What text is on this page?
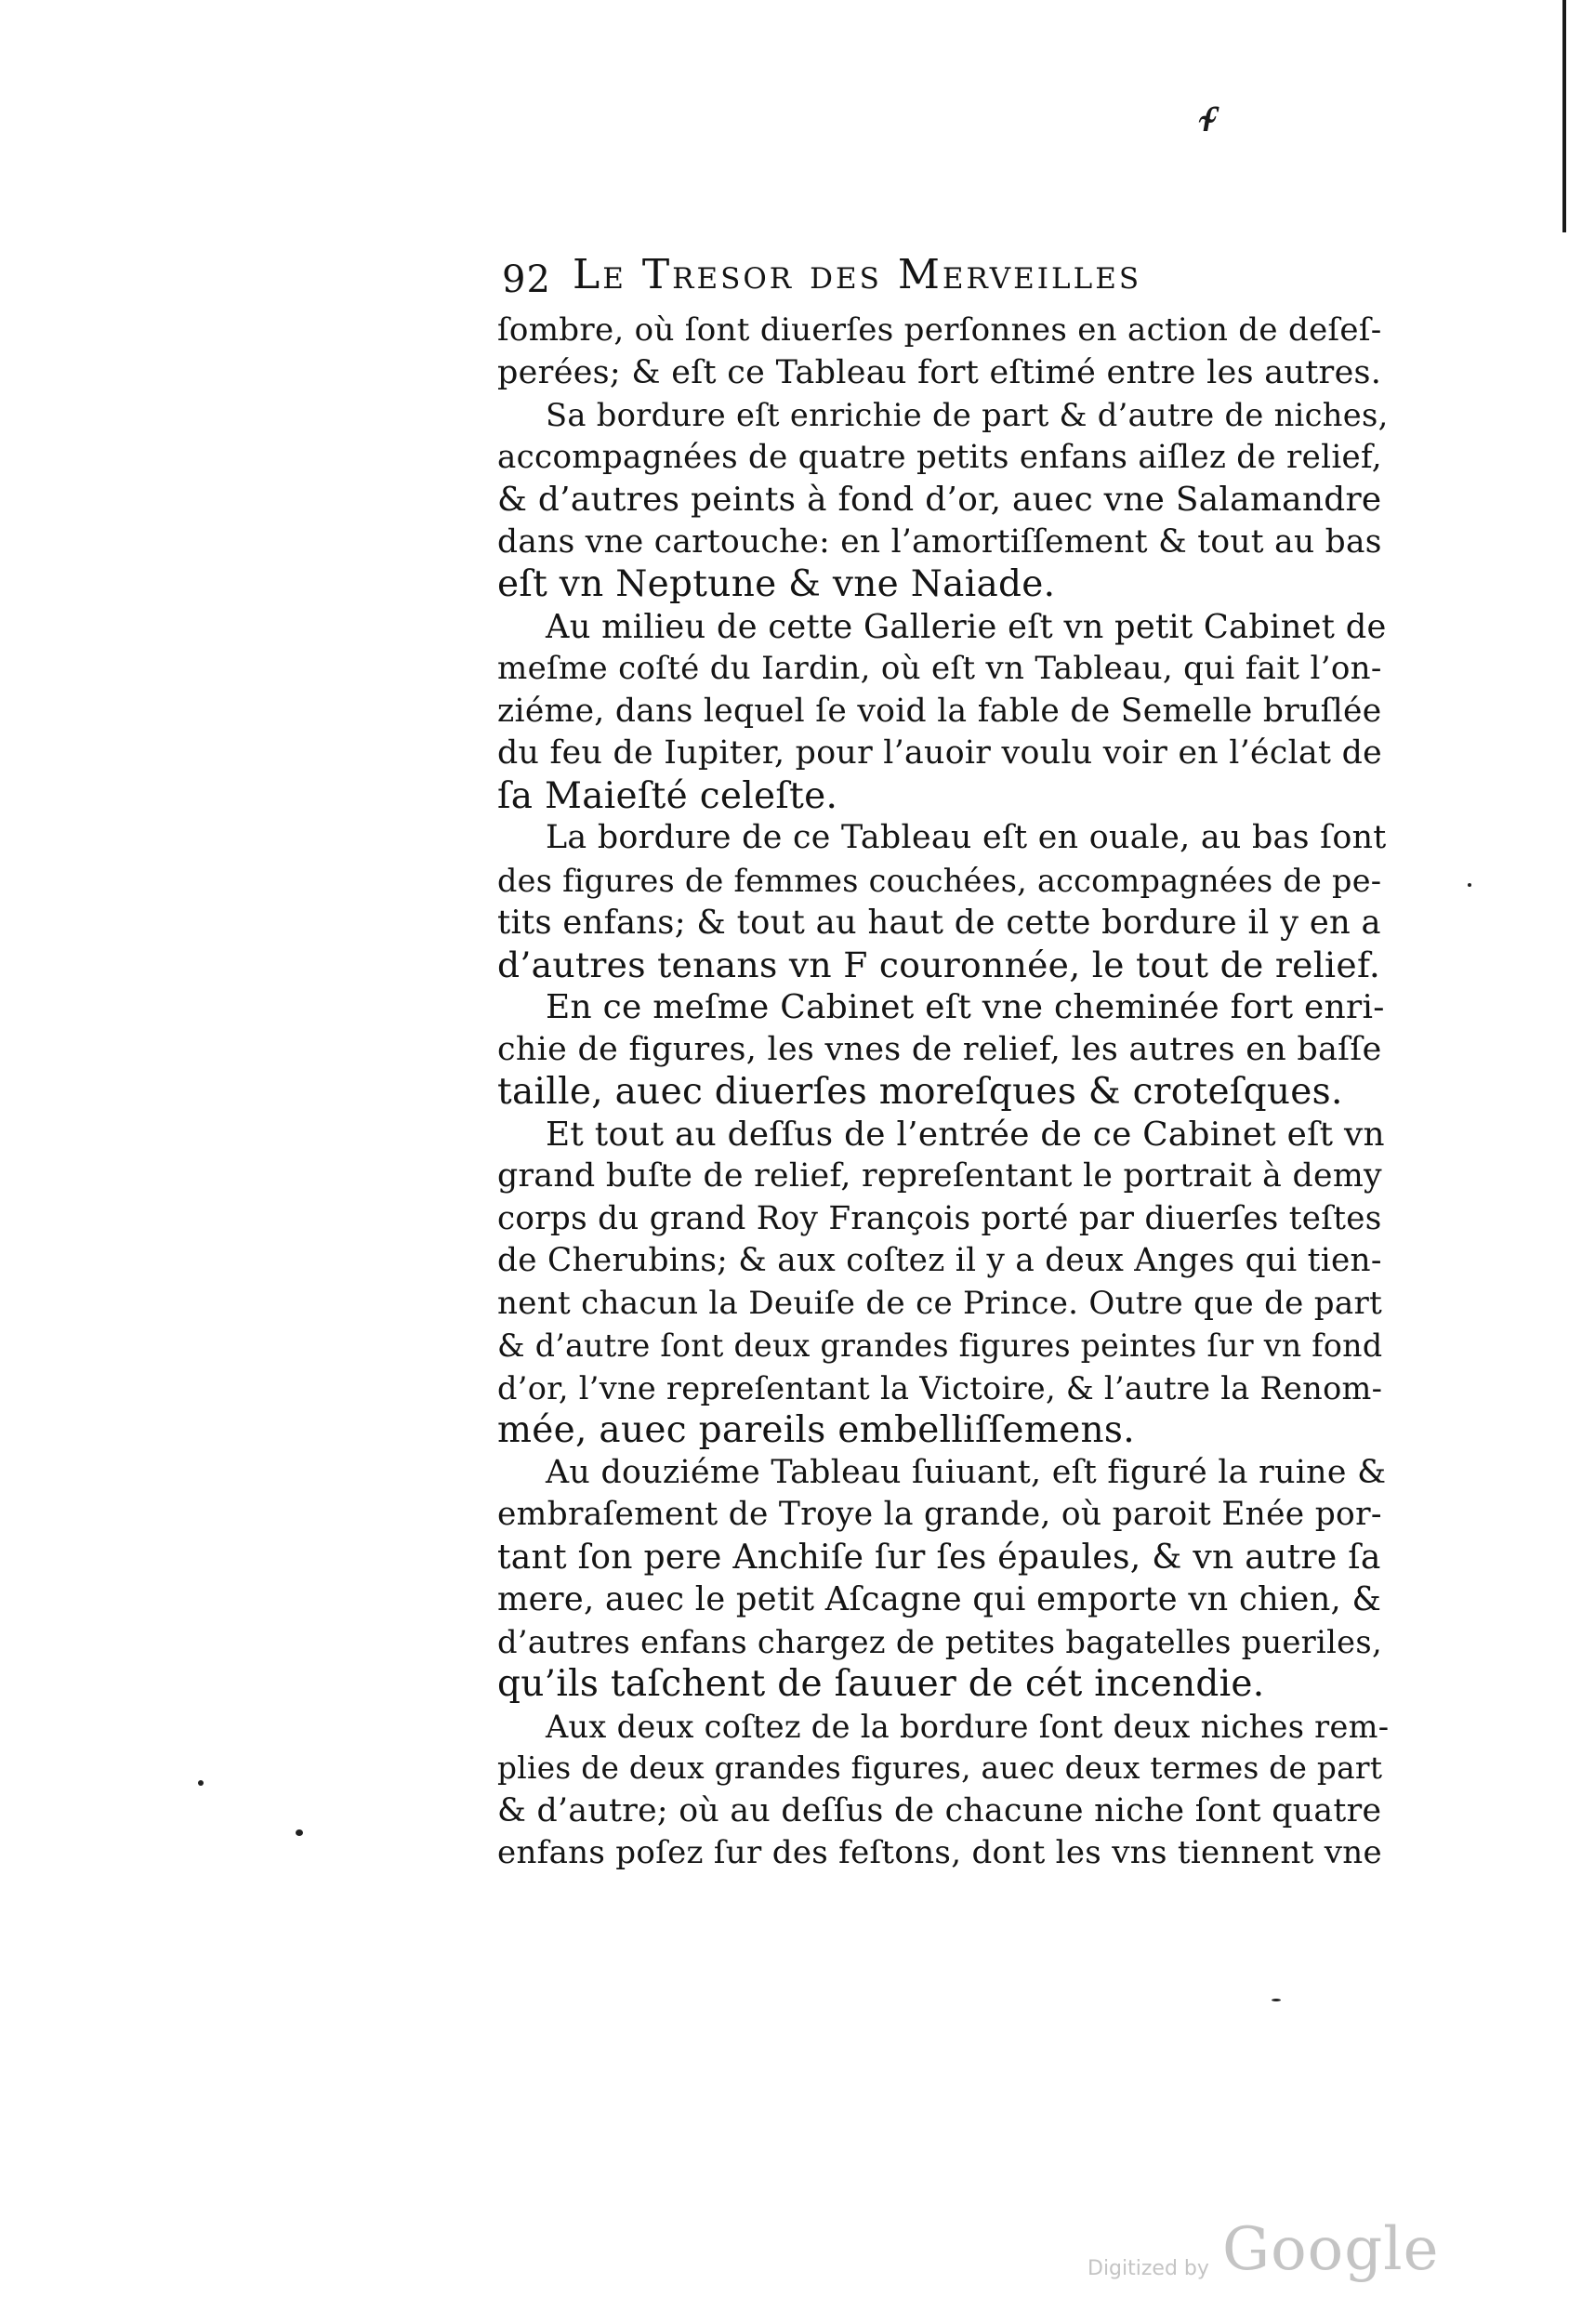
ᵳ
92 Le Tresor des Merveilles
ſombre, où ſont diuerſes perſonnes en action de deſeſ-
perées; & eſt ce Tableau fort eſtimé entre les autres.
Sa bordure eſt enrichie de part & d’autre de niches,
accompagnées de quatre petits enfans aiſlez de relief,
& d’autres peints à fond d’or, auec vne Salamandre
dans vne cartouche: en l’amortiſſement & tout au bas
eſt vn Neptune & vne Naiade.
Au milieu de cette Gallerie eſt vn petit Cabinet de
meſme coſté du Iardin, où eſt vn Tableau, qui fait l’on-
ziéme, dans lequel ſe void la fable de Semelle bruſlée
du feu de Iupiter, pour l’auoir voulu voir en l’éclat de
ſa Maieſté celeſte.
La bordure de ce Tableau eſt en ouale, au bas ſont
des figures de femmes couchées, accompagnées de pe-
tits enfans; & tout au haut de cette bordure il y en a
d’autres tenans vn F couronnée, le tout de relief.
En ce meſme Cabinet eſt vne cheminée fort enri-
chie de figures, les vnes de relief, les autres en baſſe
taille, auec diuerſes moreſques & croteſques.
Et tout au deſſus de l’entrée de ce Cabinet eſt vn
grand buſte de relief, repreſentant le portrait à demy
corps du grand Roy François porté par diuerſes teſtes
de Cherubins; & aux coſtez il y a deux Anges qui tien-
nent chacun la Deuiſe de ce Prince. Outre que de part
& d’autre ſont deux grandes figures peintes ſur vn fond
d’or, l’vne repreſentant la Victoire, & l’autre la Renom-
mée, auec pareils embelliſſemens.
Au douziéme Tableau ſuiuant, eſt figuré la ruine &
embraſement de Troye la grande, où paroit Enée por-
tant ſon pere Anchiſe ſur ſes épaules, & vn autre ſa
mere, auec le petit Aſcagne qui emporte vn chien, &
d’autres enfans chargez de petites bagatelles pueriles,
qu’ils taſchent de ſauuer de cét incendie.
Aux deux coſtez de la bordure ſont deux niches rem-
plies de deux grandes figures, auec deux termes de part
& d’autre; où au deſſus de chacune niche ſont quatre
enfans poſez ſur des feſtons, dont les vns tiennent vne
Digitized by Google
